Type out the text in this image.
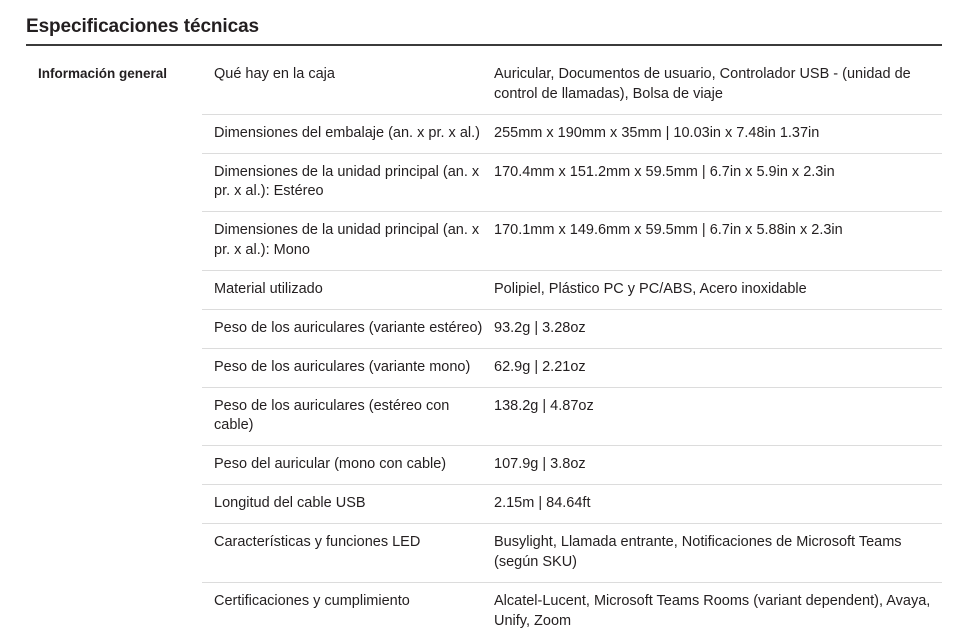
Especificaciones técnicas
Información general	Qué hay en la caja	Auricular, Documentos de usuario, Controlador USB - (unidad de control de llamadas), Bolsa de viaje
	Dimensiones del embalaje (an. x pr. x al.)	255mm x 190mm x 35mm | 10.03in x 7.48in 1.37in
	Dimensiones de la unidad principal (an. x pr. x al.): Estéreo	170.4mm x 151.2mm x 59.5mm | 6.7in x 5.9in x 2.3in
	Dimensiones de la unidad principal (an. x pr. x al.): Mono	170.1mm x 149.6mm x 59.5mm | 6.7in x 5.88in x 2.3in
	Material utilizado	Polipiel, Plástico PC y PC/ABS, Acero inoxidable
	Peso de los auriculares (variante estéreo)	93.2g | 3.28oz
	Peso de los auriculares (variante mono)	62.9g | 2.21oz
	Peso de los auriculares (estéreo con cable)	138.2g | 4.87oz
	Peso del auricular (mono con cable)	107.9g | 3.8oz
	Longitud del cable USB	2.15m | 84.64ft
	Características y funciones LED	Busylight, Llamada entrante, Notificaciones de Microsoft Teams (según SKU)
	Certificaciones y cumplimiento	Alcatel-Lucent, Microsoft Teams Rooms (variant dependent), Avaya, Unify, Zoom
